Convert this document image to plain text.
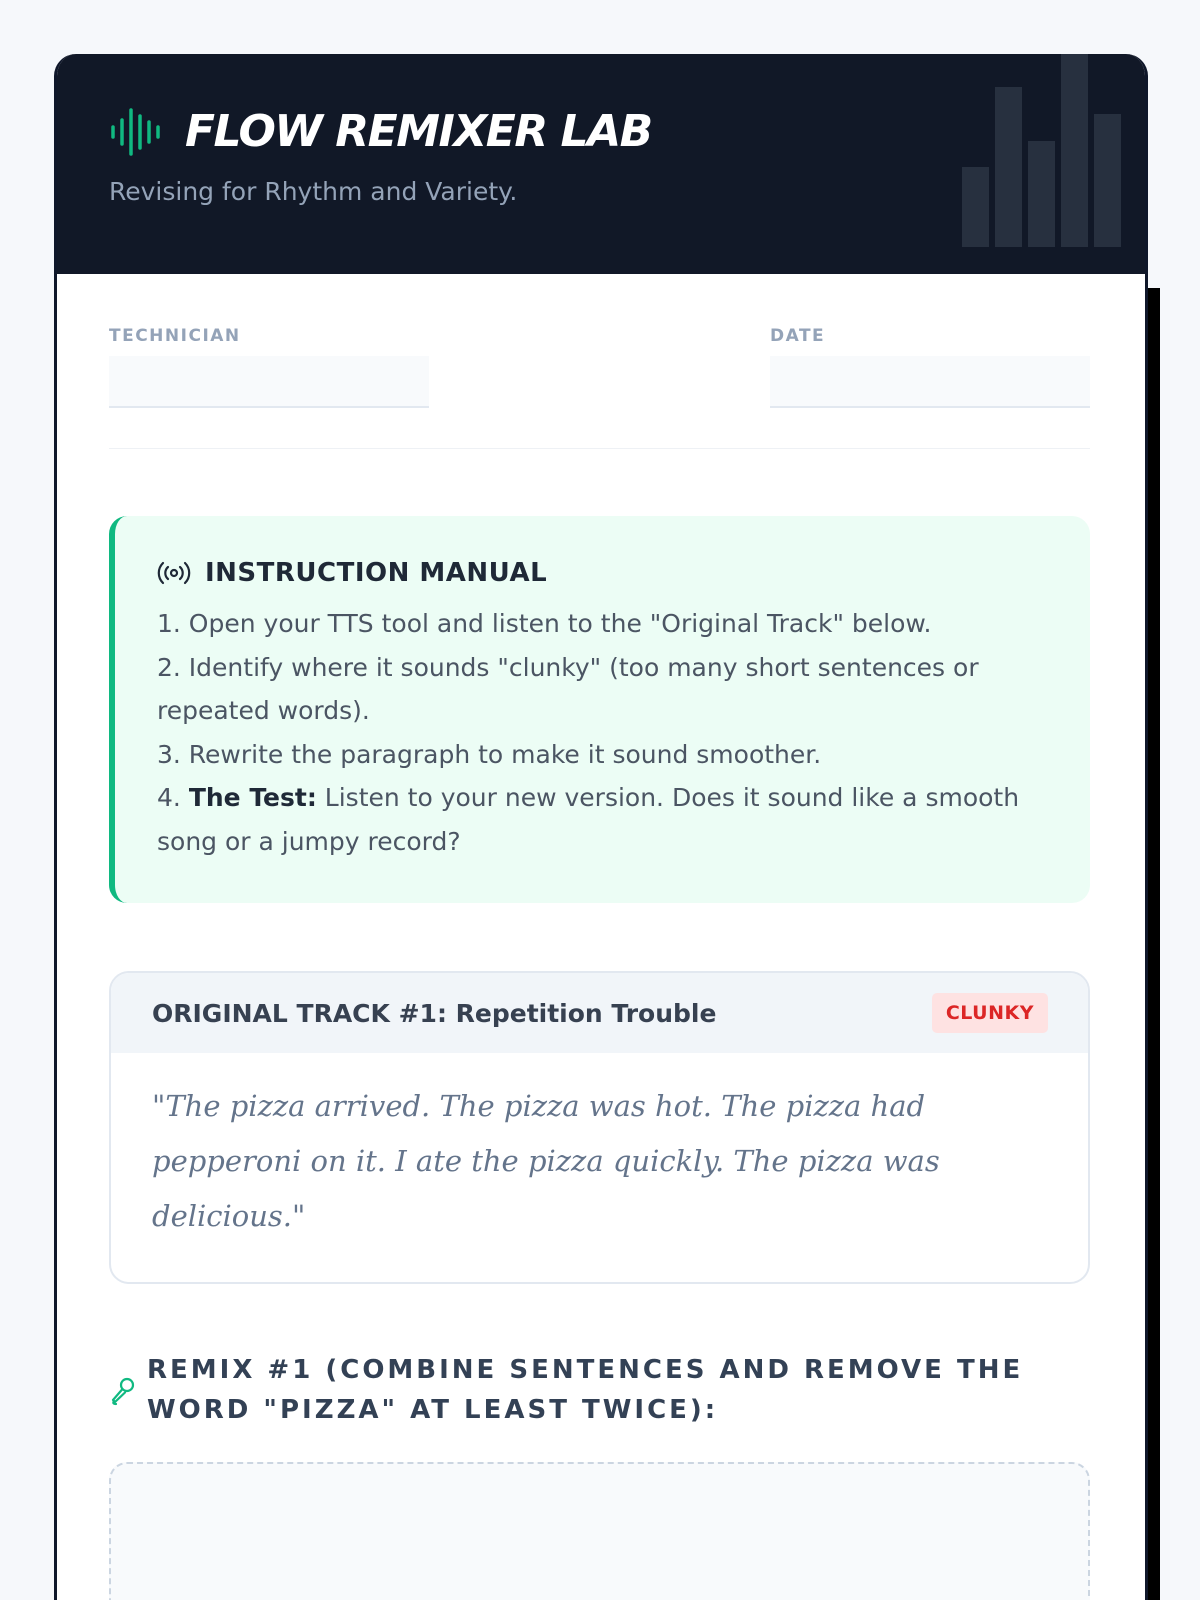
FLOW REMIXER LAB
Revising for Rhythm and Variety.
TECHNICIAN	DATE
INSTRUCTION MANUAL

1. Open your TTS tool and listen to the "Original Track" below.

2. Identify where it sounds "clunky" (too many short sentences or repeated words).

3. Rewrite the paragraph to make it sound smoother.

4. The Test: Listen to your new version. Does it sound like a smooth song or a jumpy record?

ORIGINAL TRACK #1: Repetition Trouble	CLUNKY

"The pizza arrived. The pizza was hot. The pizza had pepperoni on it. I ate the pizza quickly. The pizza was delicious."

REMIX #1 (COMBINE SENTENCES AND REMOVE THE WORD "PIZZA" AT LEAST TWICE):
